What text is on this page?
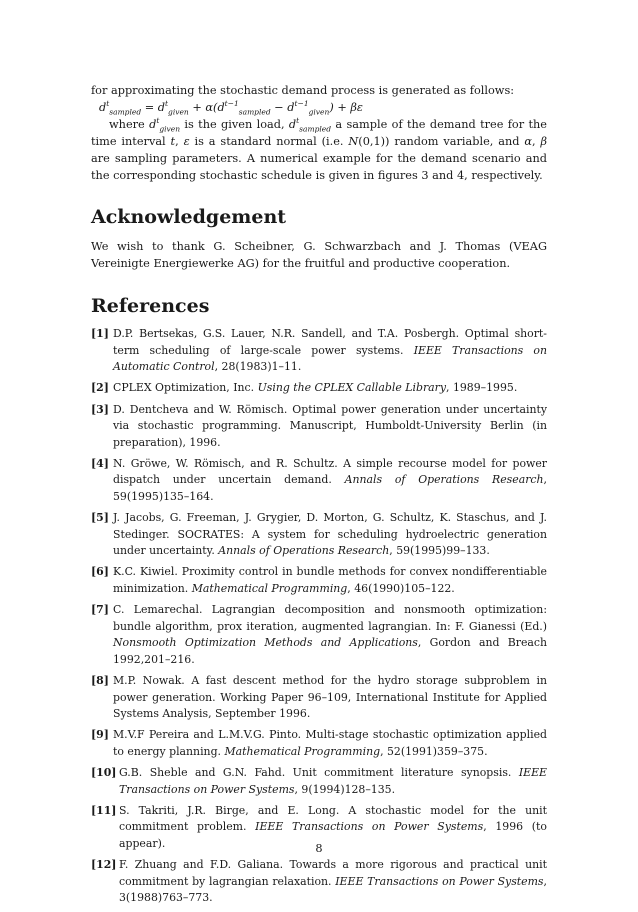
for approximating the stochastic demand process is generated as follows:

$d^t_{sampled} = d^t_{given} + \alpha(d^{t-1}_{sampled} - d^{t-1}_{given}) + \beta\varepsilon$

where $d^t_{given}$ is the given load, $d^t_{sampled}$ a sample of the demand tree for the time interval t, ε is a standard normal (i.e. N(0,1)) random variable, and α, β are sampling parameters. A numerical example for the demand scenario and the corresponding stochastic schedule is given in figures 3 and 4, respectively.

Acknowledgement

We wish to thank G. Scheibner, G. Schwarzbach and J. Thomas (VEAG Vereinigte Energiewerke AG) for the fruitful and productive cooperation.

References
[1] D.P. Bertsekas, G.S. Lauer, N.R. Sandell, and T.A. Posbergh. Optimal short-term scheduling of large-scale power systems. IEEE Transactions on Automatic Control, 28(1983)1–11.
[2] CPLEX Optimization, Inc. Using the CPLEX Callable Library, 1989–1995.
[3] D. Dentcheva and W. Römisch. Optimal power generation under uncertainty via stochastic programming. Manuscript, Humboldt-University Berlin (in preparation), 1996.
[4] N. Gröwe, W. Römisch, and R. Schultz. A simple recourse model for power dispatch under uncertain demand. Annals of Operations Research, 59(1995)135–164.
[5] J. Jacobs, G. Freeman, J. Grygier, D. Morton, G. Schultz, K. Staschus, and J. Stedinger. SOCRATES: A system for scheduling hydroelectric generation under uncertainty. Annals of Operations Research, 59(1995)99–133.
[6] K.C. Kiwiel. Proximity control in bundle methods for convex nondifferentiable minimization. Mathematical Programming, 46(1990)105–122.
[7] C. Lemarechal. Lagrangian decomposition and nonsmooth optimization: bundle algorithm, prox iteration, augmented lagrangian. In: F. Gianessi (Ed.) Nonsmooth Optimization Methods and Applications, Gordon and Breach 1992,201–216.
[8] M.P. Nowak. A fast descent method for the hydro storage subproblem in power generation. Working Paper 96–109, International Institute for Applied Systems Analysis, September 1996.
[9] M.V.F Pereira and L.M.V.G. Pinto. Multi-stage stochastic optimization applied to energy planning. Mathematical Programming, 52(1991)359–375.
[10] G.B. Sheble and G.N. Fahd. Unit commitment literature synopsis. IEEE Transactions on Power Systems, 9(1994)128–135.
[11] S. Takriti, J.R. Birge, and E. Long. A stochastic model for the unit commitment problem. IEEE Transactions on Power Systems, 1996 (to appear).
[12] F. Zhuang and F.D. Galiana. Towards a more rigorous and practical unit commitment by lagrangian relaxation. IEEE Transactions on Power Systems, 3(1988)763–773.
8
